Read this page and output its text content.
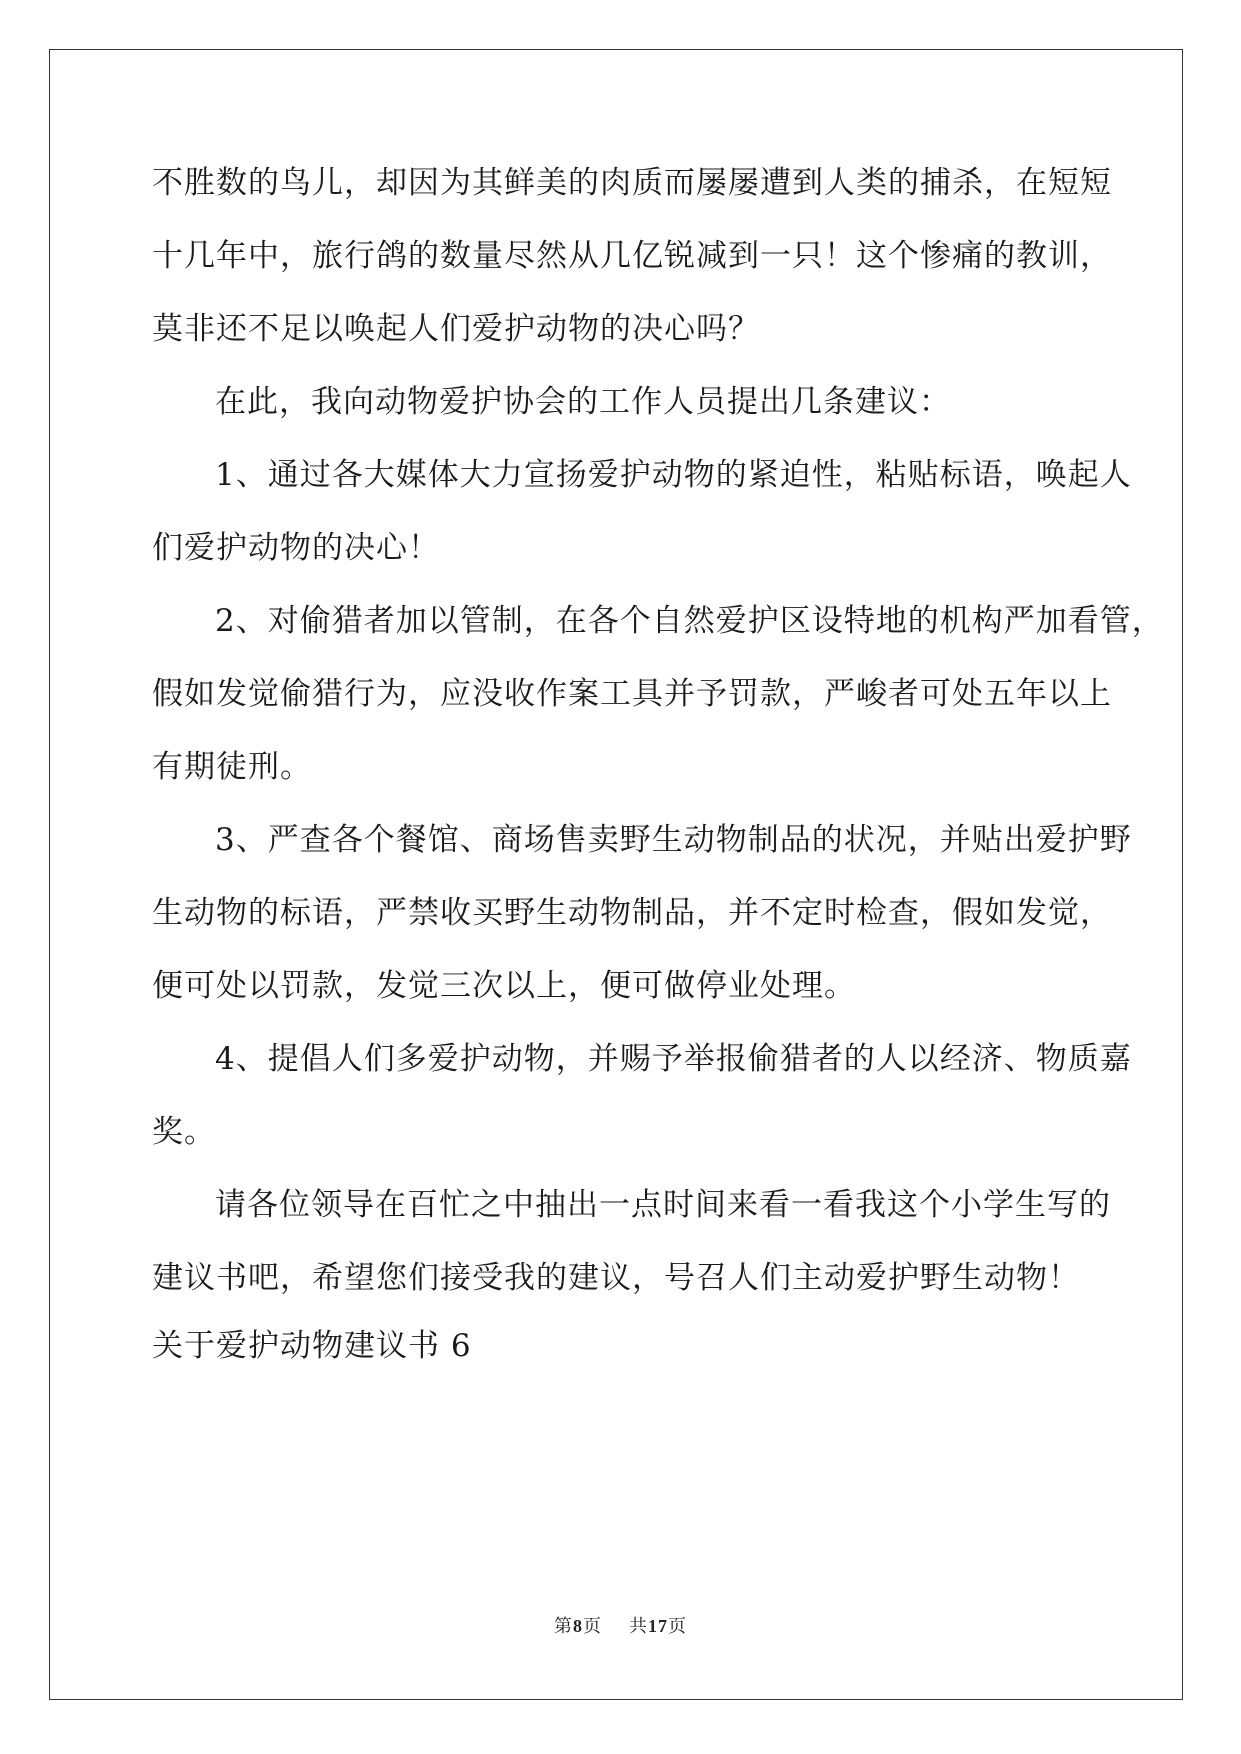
不胜数的鸟儿，却因为其鲜美的肉质而屡屡遭到人类的捕杀，在短短
十几年中，旅行鸽的数量尽然从几亿锐减到一只！这个惨痛的教训，
莫非还不足以唤起人们爱护动物的决心吗？
在此，我向动物爱护协会的工作人员提出几条建议：
1、通过各大媒体大力宣扬爱护动物的紧迫性，粘贴标语，唤起人
们爱护动物的决心！
2、对偷猎者加以管制，在各个自然爱护区设特地的机构严加看管，
假如发觉偷猎行为，应没收作案工具并予罚款，严峻者可处五年以上
有期徒刑。
3、严查各个餐馆、商场售卖野生动物制品的状况，并贴出爱护野
生动物的标语，严禁收买野生动物制品，并不定时检查，假如发觉，
便可处以罚款，发觉三次以上，便可做停业处理。
4、提倡人们多爱护动物，并赐予举报偷猎者的人以经济、物质嘉
奖。
请各位领导在百忙之中抽出一点时间来看一看我这个小学生写的
建议书吧，希望您们接受我的建议，号召人们主动爱护野生动物！
关于爱护动物建议书 6
第8页 共17页
